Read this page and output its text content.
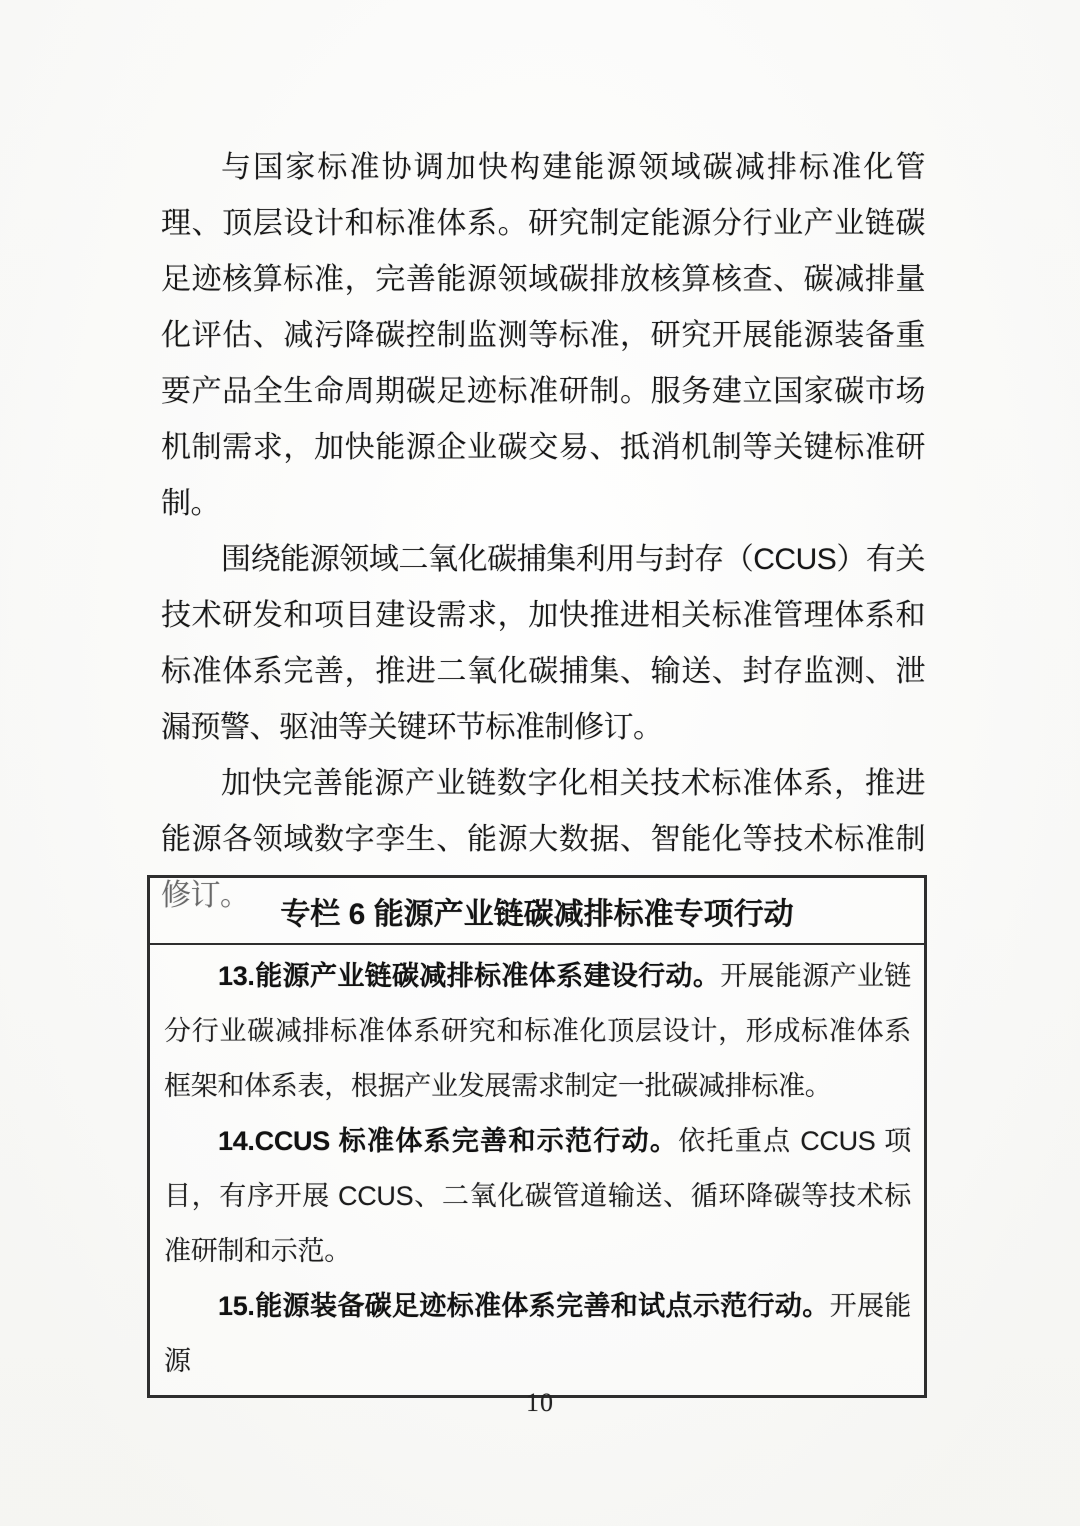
与国家标准协调加快构建能源领域碳减排标准化管理、顶层设计和标准体系。研究制定能源分行业产业链碳足迹核算标准，完善能源领域碳排放核算核查、碳减排量化评估、减污降碳控制监测等标准，研究开展能源装备重要产品全生命周期碳足迹标准研制。服务建立国家碳市场机制需求，加快能源企业碳交易、抵消机制等关键标准研制。

围绕能源领域二氧化碳捕集利用与封存（CCUS）有关技术研发和项目建设需求，加快推进相关标准管理体系和标准体系完善，推进二氧化碳捕集、输送、封存监测、泄漏预警、驱油等关键环节标准制修订。

加快完善能源产业链数字化相关技术标准体系，推进能源各领域数字孪生、能源大数据、智能化等技术标准制修订。

专栏 6 能源产业链碳减排标准专项行动

13.能源产业链碳减排标准体系建设行动。开展能源产业链分行业碳减排标准体系研究和标准化顶层设计，形成标准体系框架和体系表，根据产业发展需求制定一批碳减排标准。

14.CCUS 标准体系完善和示范行动。依托重点 CCUS 项目，有序开展 CCUS、二氧化碳管道输送、循环降碳等技术标准研制和示范。

15.能源装备碳足迹标准体系完善和试点示范行动。开展能源

10
